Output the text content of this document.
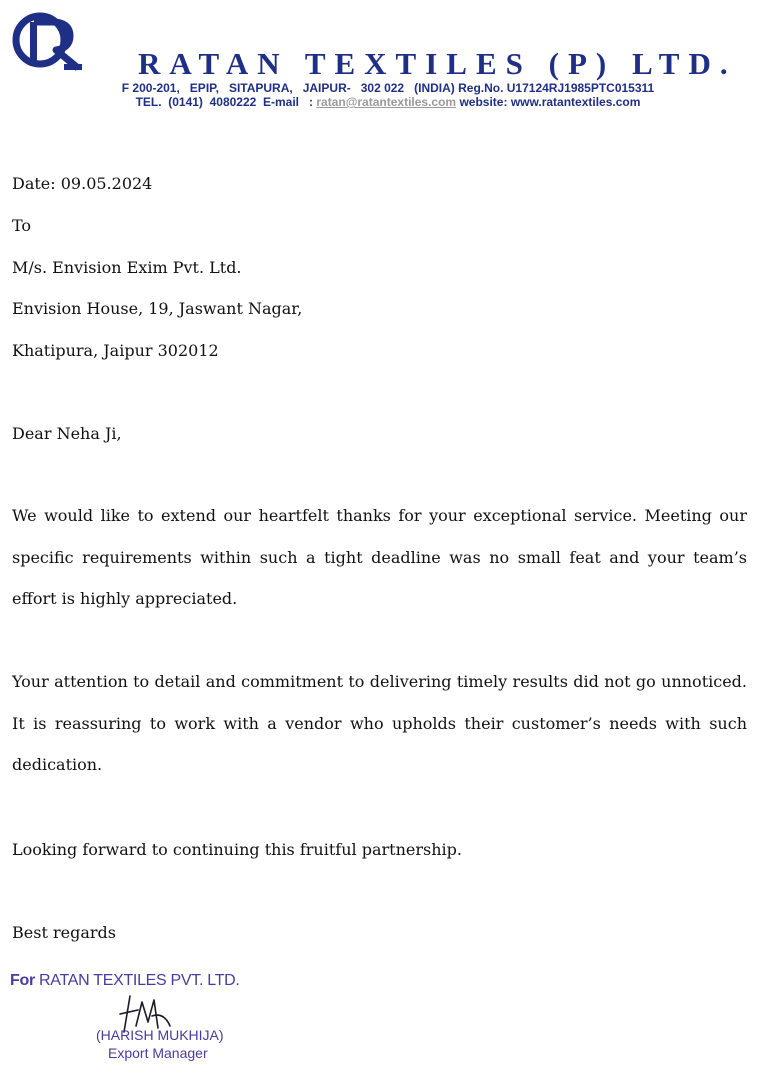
RATAN TEXTILES (P) LTD.
F 200-201,   EPIP,   SITAPURA,   JAIPUR-   302 022   (INDIA) Reg.No. U17124RJ1985PTC015311
TEL. (0141)  4080222 E-mail   : ratan@ratantextiles.com website: www.ratantextiles.com
Date: 09.05.2024
To
M/s. Envision Exim Pvt. Ltd.
Envision House, 19, Jaswant Nagar,
Khatipura, Jaipur 302012
Dear Neha Ji,
We would like to extend our heartfelt thanks for your exceptional service. Meeting our specific requirements within such a tight deadline was no small feat and your team’s effort is highly appreciated.
Your attention to detail and commitment to delivering timely results did not go unnoticed. It is reassuring to work with a vendor who upholds their customer’s needs with such dedication.
Looking forward to continuing this fruitful partnership.
Best regards
For RATAN TEXTILES PVT. LTD.
(HARISH MUKHIJA)
Export Manager
